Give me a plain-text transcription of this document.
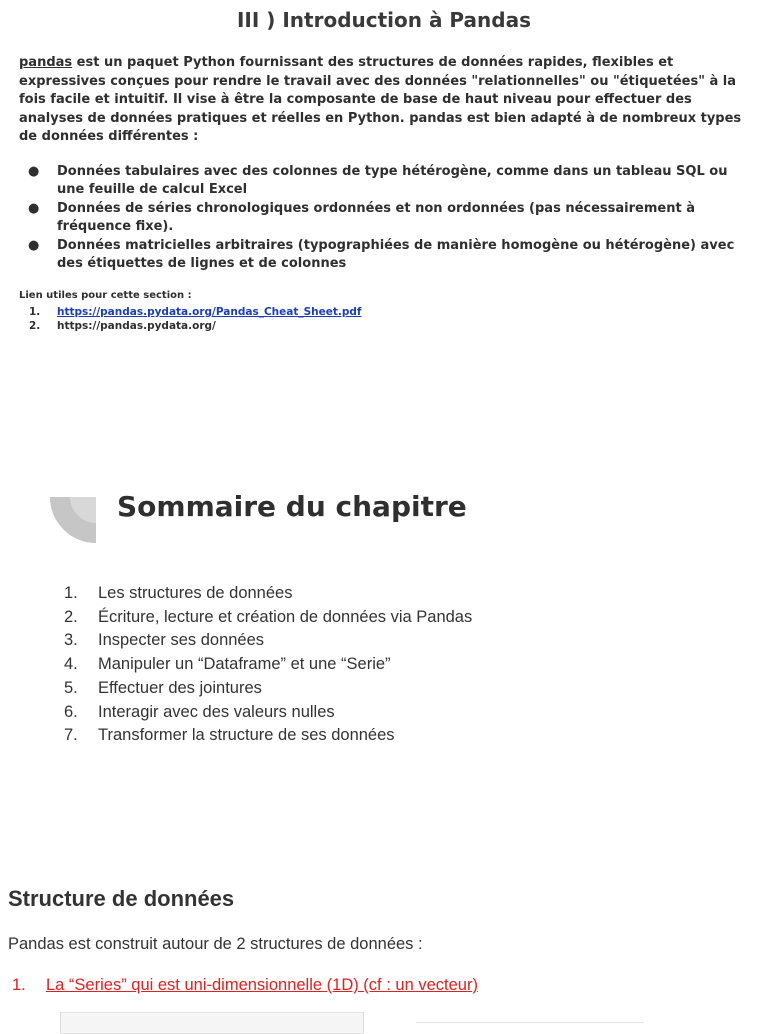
III ) Introduction à Pandas

pandas est un paquet Python fournissant des structures de données rapides, flexibles et expressives conçues pour rendre le travail avec des données "relationnelles" ou "étiquetées" à la fois facile et intuitif. Il vise à être la composante de base de haut niveau pour effectuer des analyses de données pratiques et réelles en Python. pandas est bien adapté à de nombreux types de données différentes :

● Données tabulaires avec des colonnes de type hétérogène, comme dans un tableau SQL ou une feuille de calcul Excel
● Données de séries chronologiques ordonnées et non ordonnées (pas nécessairement à fréquence fixe).
● Données matricielles arbitraires (typographiées de manière homogène ou hétérogène) avec des étiquettes de lignes et de colonnes

Lien utiles pour cette section :

1. https://pandas.pydata.org/Pandas_Cheat_Sheet.pdf
2. https://pandas.pydata.org/
Sommaire du chapitre
1. Les structures de données
2. Écriture, lecture et création de données via Pandas
3. Inspecter ses données
4. Manipuler un “Dataframe” et une “Serie”
5. Effectuer des jointures
6. Interagir avec des valeurs nulles
7. Transformer la structure de ses données
Structure de données

Pandas est construit autour de 2 structures de données :

1. La “Series” qui est uni-dimensionnelle (1D) (cf : un vecteur)
